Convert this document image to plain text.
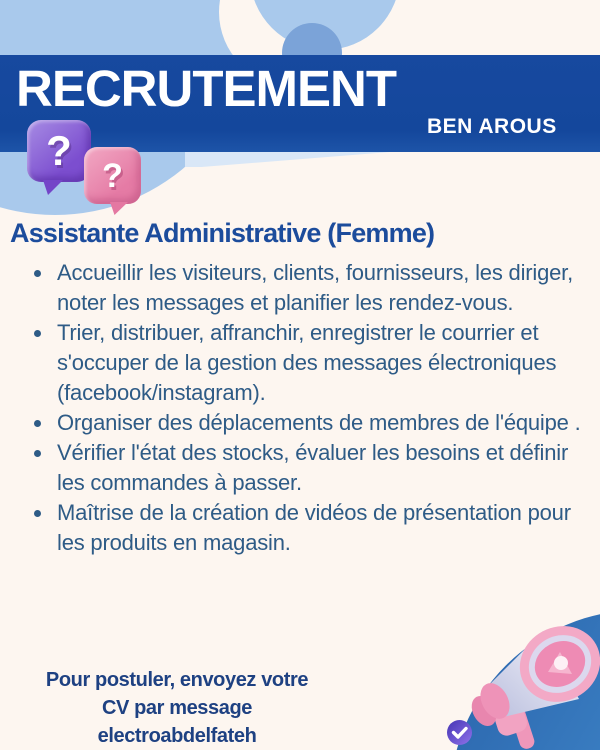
RECRUTEMENT
BEN AROUS
?
?
Assistante Administrative (Femme)
• Accueillir les visiteurs, clients, fournisseurs, les diriger, noter les messages et planifier les rendez-vous.
• Trier, distribuer, affranchir, enregistrer le courrier et s'occuper de la gestion des messages électroniques (facebook/instagram).
• Organiser des déplacements de membres de l'équipe .
• Vérifier l'état des stocks, évaluer les besoins et définir les commandes à passer.
• Maîtrise de la création de vidéos de présentation pour les produits en magasin.
Pour postuler, envoyez votre
CV par message
electroabdelfateh
